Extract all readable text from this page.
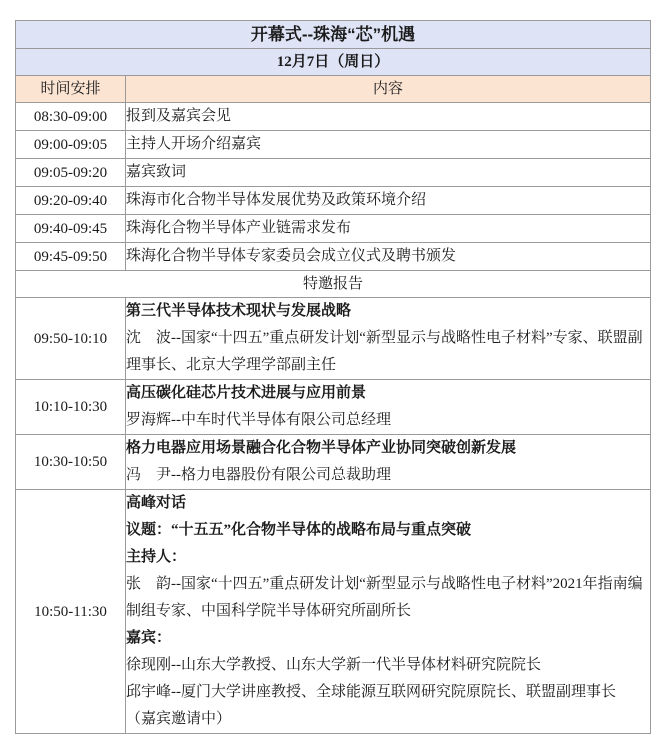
开幕式--珠海“芯”机遇	
12月7日（周日）	
时间安排	内容
08:30-09:00	报到及嘉宾会见

09:00-09:05	主持人开场介绍嘉宾

09:05-09:20	嘉宾致词

09:20-09:40	珠海市化合物半导体发展优势及政策环境介绍

09:40-09:45	珠海化合物半导体产业链需求发布

09:45-09:50	珠海化合物半导体专家委员会成立仪式及聘书颁发

特邀报告	
09:50-10:10	第三代半导体技术现状与发展战略
沈　波--国家“十四五”重点研发计划“新型显示与战略性电子材料”专家、联盟副理事长、北京大学理学部副主任

10:10-10:30	高压碳化硅芯片技术进展与应用前景
罗海辉--中车时代半导体有限公司总经理

10:30-10:50	格力电器应用场景融合化合物半导体产业协同突破创新发展
冯　尹--格力电器股份有限公司总裁助理

10:50-11:30	
高峰对话
议题：“十五五”化合物半导体的战略布局与重点突破
主持人：
张　韵--国家“十四五”重点研发计划“新型显示与战略性电子材料”2021年指南编制组专家、中国科学院半导体研究所副所长
嘉宾：
徐现刚--山东大学教授、山东大学新一代半导体材料研究院院长
邱宇峰--厦门大学讲座教授、全球能源互联网研究院原院长、联盟副理事长
（嘉宾邀请中）
